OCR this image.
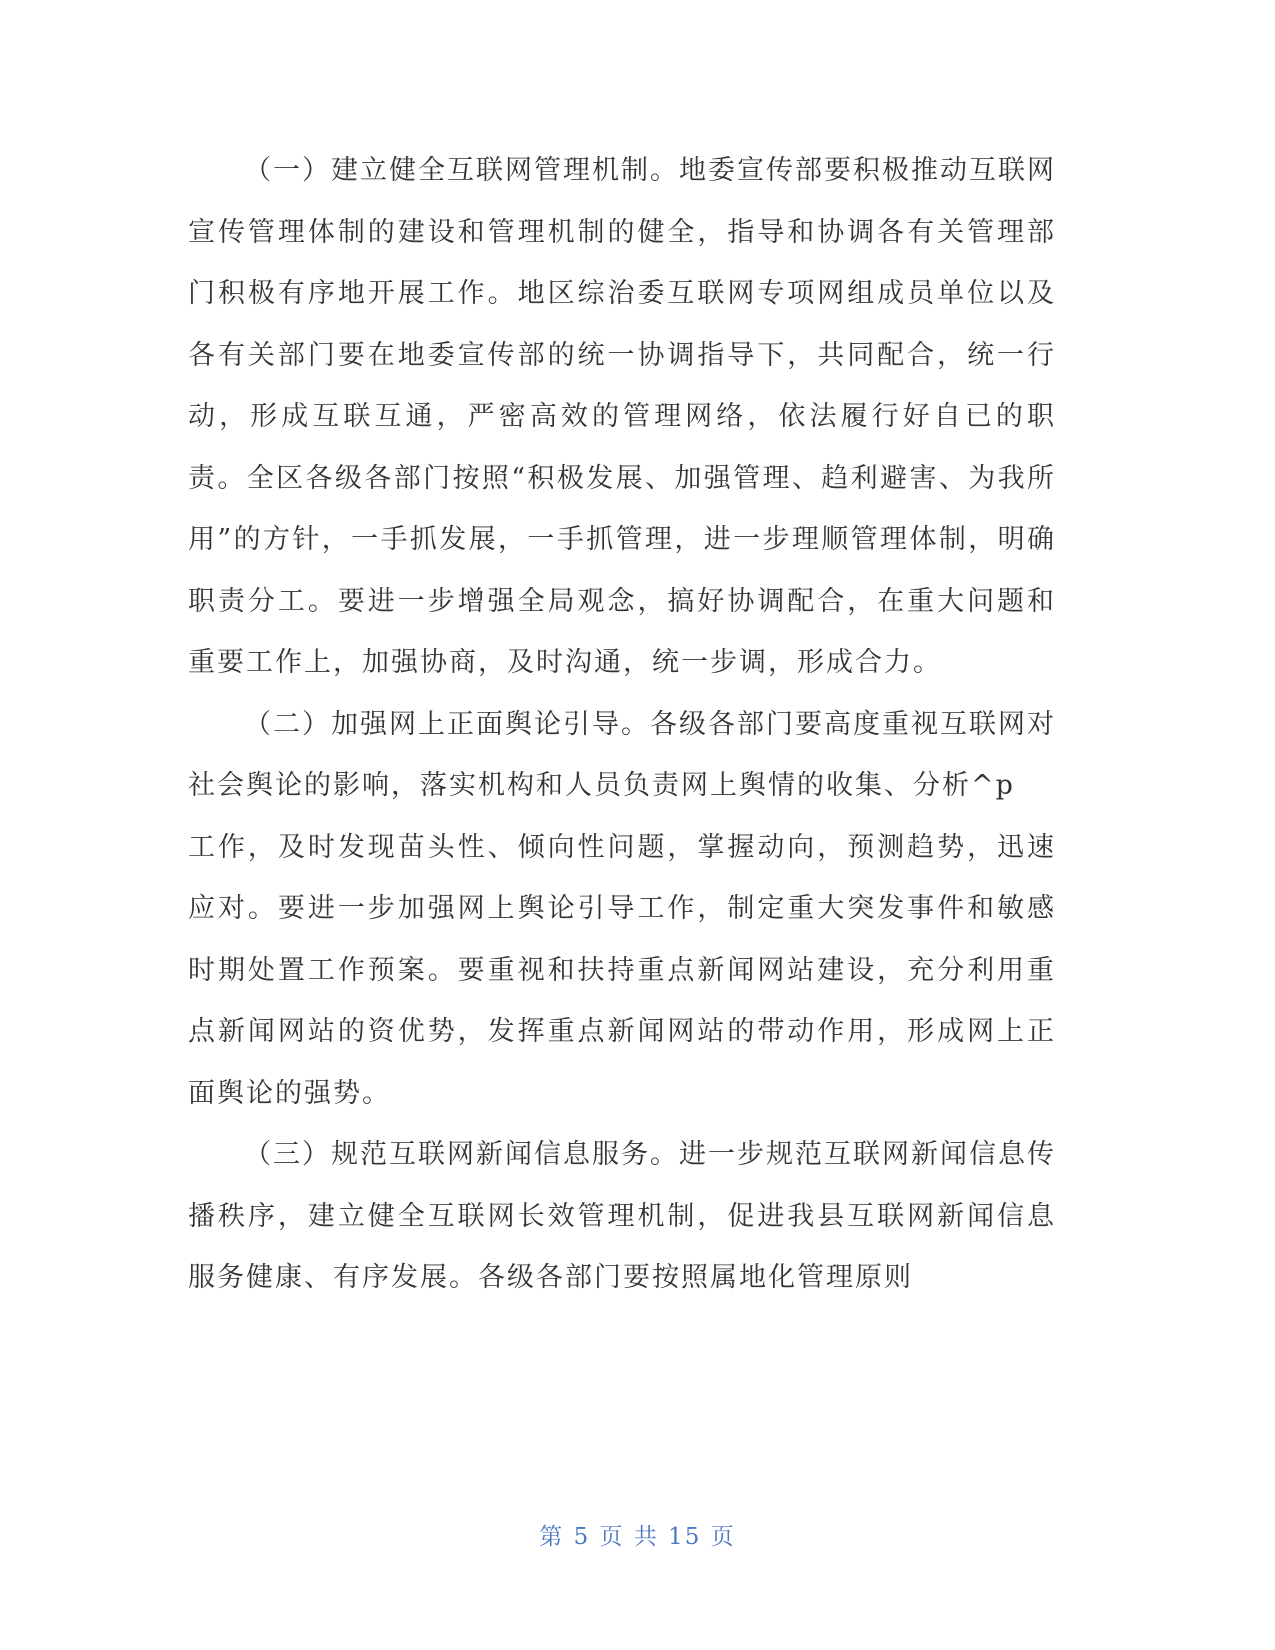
（一）建立健全互联网管理机制。地委宣传部要积极推动互联网宣传管理体制的建设和管理机制的健全，指导和协调各有关管理部门积极有序地开展工作。地区综治委互联网专项网组成员单位以及各有关部门要在地委宣传部的统一协调指导下，共同配合，统一行动，形成互联互通，严密高效的管理网络，依法履行好自已的职责。全区各级各部门按照“积极发展、加强管理、趋利避害、为我所用”的方针，一手抓发展，一手抓管理，进一步理顺管理体制，明确职责分工。要进一步增强全局观念，搞好协调配合，在重大问题和重要工作上，加强协商，及时沟通，统一步调，形成合力。

（二）加强网上正面舆论引导。各级各部门要高度重视互联网对社会舆论的影响，落实机构和人员负责网上舆情的收集、分析^p
工作，及时发现苗头性、倾向性问题，掌握动向，预测趋势，迅速应对。要进一步加强网上舆论引导工作，制定重大突发事件和敏感时期处置工作预案。要重视和扶持重点新闻网站建设，充分利用重点新闻网站的资优势，发挥重点新闻网站的带动作用，形成网上正面舆论的强势。

（三）规范互联网新闻信息服务。进一步规范互联网新闻信息传播秩序，建立健全互联网长效管理机制，促进我县互联网新闻信息服务健康、有序发展。各级各部门要按照属地化管理原则

第 5 页 共 15 页
